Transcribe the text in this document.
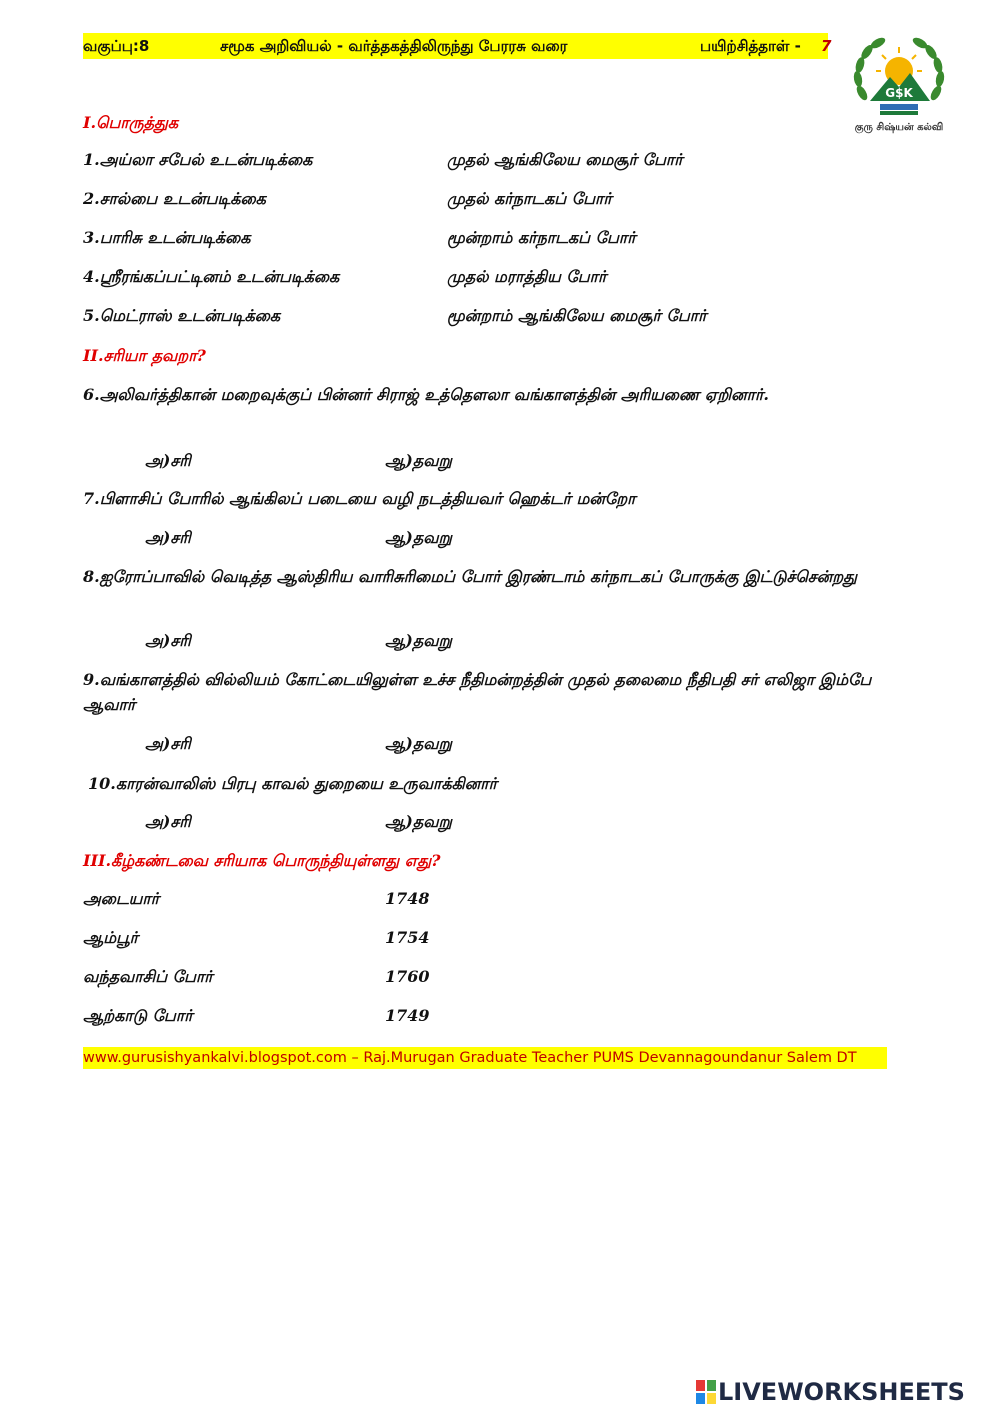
வகுப்பு:8	சமூக அறிவியல் - வர்த்தகத்திலிருந்து பேரரசு வரை	பயிற்சித்தாள் - 7
G$K
குரு சிஷ்யன் கல்வி
I.பொருத்துக
1.அய்லா சபேல் உடன்படிக்கை	முதல் ஆங்கிலேய மைசூர் போர்
2.சால்பை உடன்படிக்கை	முதல் கர்நாடகப் போர்
3.பாரிசு உடன்படிக்கை	மூன்றாம் கர்நாடகப் போர்
4.ஸ்ரீரங்கப்பட்டினம் உடன்படிக்கை	முதல் மராத்திய போர்
5.மெட்ராஸ் உடன்படிக்கை	மூன்றாம் ஆங்கிலேய மைசூர் போர்
II.சரியா தவறா?
6.அலிவர்த்திகான் மறைவுக்குப் பின்னர் சிராஜ் உத்தௌலா வங்காளத்தின் அரியணை ஏறினார்.
அ)சரி	ஆ)தவறு
7.பிளாசிப் போரில் ஆங்கிலப் படையை வழி நடத்தியவர் ஹெக்டர் மன்றோ
அ)சரி	ஆ)தவறு
8.ஐரோப்பாவில் வெடித்த ஆஸ்திரிய வாரிசுரிமைப் போர் இரண்டாம் கர்நாடகப் போருக்கு இட்டுச்சென்றது
அ)சரி	ஆ)தவறு
9.வங்காளத்தில் வில்லியம் கோட்டையிலுள்ள உச்ச நீதிமன்றத்தின் முதல் தலைமை நீதிபதி சர் எலிஜா இம்பே ஆவார்
அ)சரி	ஆ)தவறு
10.காரன்வாலிஸ் பிரபு காவல் துறையை உருவாக்கினார்
அ)சரி	ஆ)தவறு
III.கீழ்கண்டவை சரியாக பொருந்தியுள்ளது எது?
அடையார்	1748
ஆம்பூர்	1754
வந்தவாசிப் போர்	1760
ஆற்காடு போர்	1749
www.gurusishyankalvi.blogspot.com – Raj.Murugan Graduate Teacher PUMS Devannagoundanur Salem DT
LIVEWORKSHEETS
